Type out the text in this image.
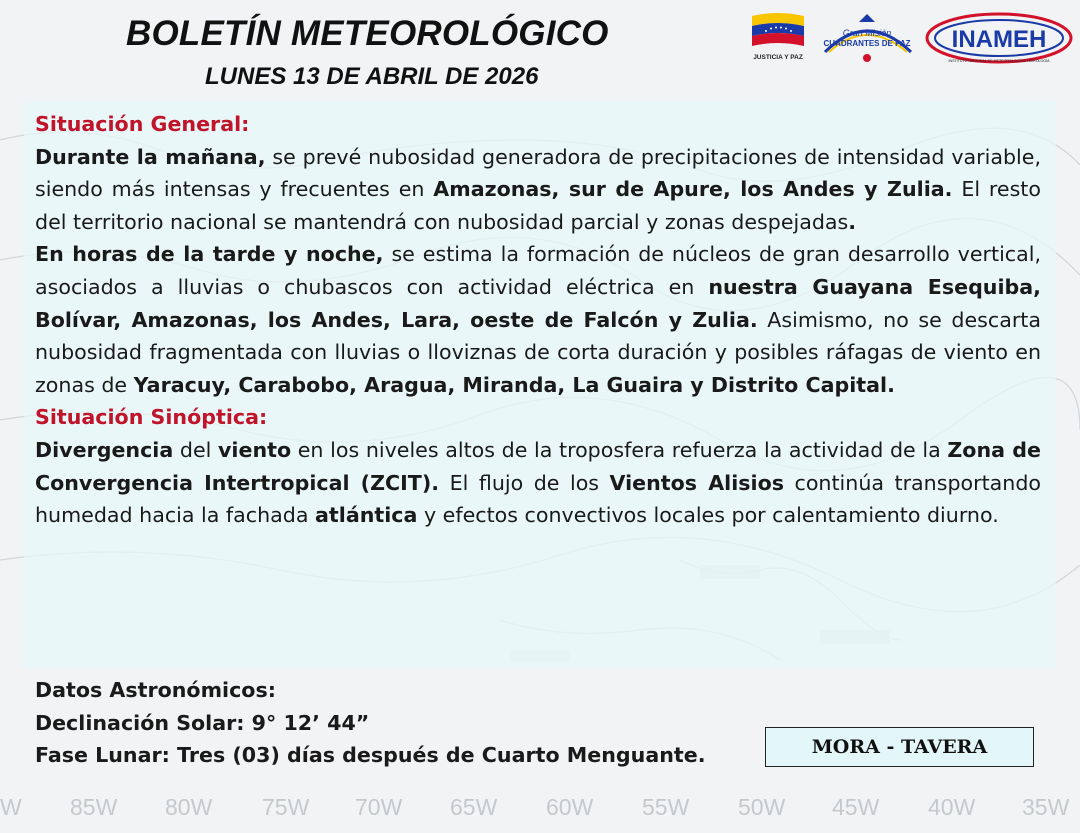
BOLETÍN METEOROLÓGICO
LUNES 13 DE ABRIL DE 2026
JUSTICIA Y PAZ
Gran Misión
CUADRANTES DE PAZ INAMEH
INSTITUTO NACIONAL DE METEOROLOGÍA E HIDROLOGÍA
Situación General:
Durante la mañana, se prevé nubosidad generadora de precipitaciones de intensidad variable, siendo más intensas y frecuentes en Amazonas, sur de Apure, los Andes y Zulia. El resto del territorio nacional se mantendrá con nubosidad parcial y zonas despejadas.
En horas de la tarde y noche, se estima la formación de núcleos de gran desarrollo vertical, asociados a lluvias o chubascos con actividad eléctrica en nuestra Guayana Esequiba, Bolívar, Amazonas, los Andes, Lara, oeste de Falcón y Zulia. Asimismo, no se descarta nubosidad fragmentada con lluvias o lloviznas de corta duración y posibles ráfagas de viento en zonas de Yaracuy, Carabobo, Aragua, Miranda, La Guaira y Distrito Capital.
Situación Sinóptica:
Divergencia del viento en los niveles altos de la troposfera refuerza la actividad de la Zona de Convergencia Intertropical (ZCIT). El flujo de los Vientos Alisios continúa transportando humedad hacia la fachada atlántica y efectos convectivos locales por calentamiento diurno.
Datos Astronómicos:
Declinación Solar: 9° 12’ 44”
Fase Lunar: Tres (03) días después de Cuarto Menguante.	MORA - TAVERA
W 85W 80W 75W 70W 65W 60W 55W 50W 45W 40W 35W
